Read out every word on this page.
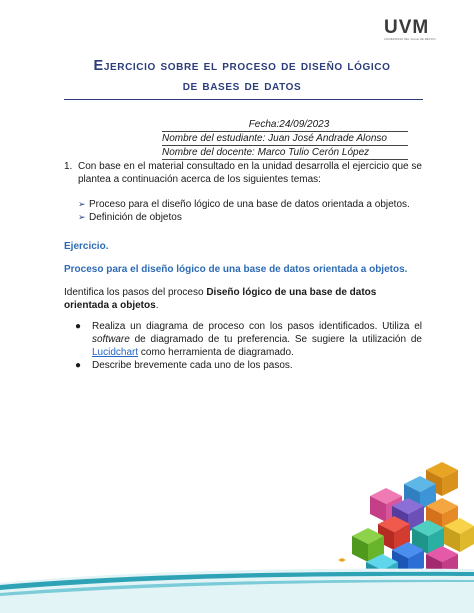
UVM
UNIVERSIDAD DEL VALLE DE MÉXICO
Ejercicio sobre el proceso de diseño lógico
de bases de datos
Fecha:24/09/2023
Nombre del estudiante: Juan José Andrade Alonso
Nombre del docente: Marco Tulio Cerón López
1. Con base en el material consultado en la unidad desarrolla el ejercicio que se plantea a continuación acerca de los siguientes temas:
➢ Proceso para el diseño lógico de una base de datos orientada a objetos.
➢ Definición de objetos
Ejercicio.
Proceso para el diseño lógico de una base de datos orientada a objetos.
Identifica los pasos del proceso Diseño lógico de una base de datos orientada a objetos.
●	Realiza un diagrama de proceso con los pasos identificados. Utiliza el software de diagramado de tu preferencia. Se sugiere la utilización de Lucidchart como herramienta de diagramado.
●	Describe brevemente cada uno de los pasos.
